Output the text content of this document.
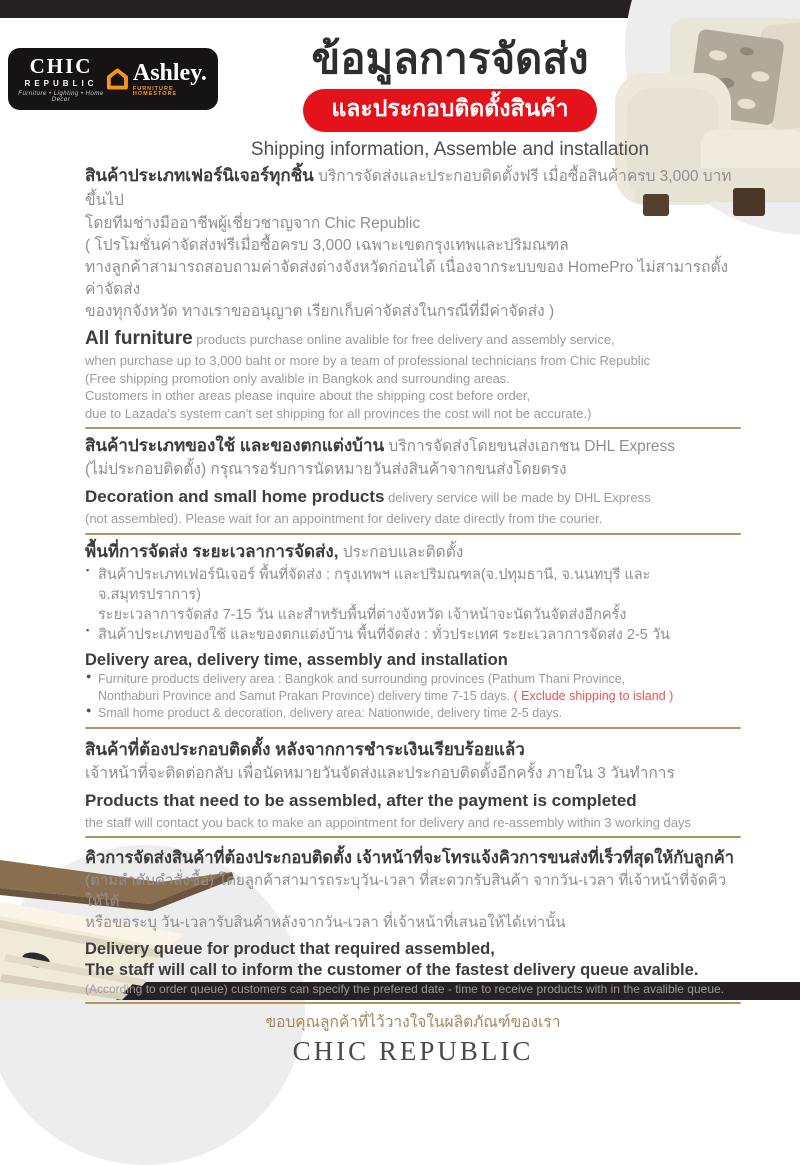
CHIC
REPUBLIC
Furniture • Lighting • Home Decor
Ashley.
FURNITURE HOMESTORE
ข้อมูลการจัดส่ง
และประกอบติดตั้งสินค้า
Shipping information, Assemble and installation
สินค้าประเภทเฟอร์นิเจอร์ทุกชิ้น บริการจัดส่งและประกอบติดตั้งฟรี เมื่อซื้อสินค้าครบ 3,000 บาทขึ้นไป
โดยทีมช่างมืออาชีพผู้เชี่ยวชาญจาก Chic Republic
( โปรโมชั่นค่าจัดส่งฟรีเมื่อซื้อครบ 3,000 เฉพาะเขตกรุงเทพและปริมณฑล
ทางลูกค้าสามารถสอบถามค่าจัดส่งต่างจังหวัดก่อนได้ เนื่องจากระบบของ HomePro ไม่สามารถตั้งค่าจัดส่ง
ของทุกจังหวัด ทางเราขออนุญาต เรียกเก็บค่าจัดส่งในกรณีที่มีค่าจัดส่ง )
All furniture products purchase online avalible for free delivery and assembly service,
when purchase up to 3,000 baht or more by a team of professional technicians from Chic Republic
(Free shipping promotion only avalible in Bangkok and surrounding areas.
Customers in other areas please inquire about the shipping cost before order,
due to Lazada's system can't set shipping for all provinces the cost will not be accurate.)
สินค้าประเภทของใช้ และของตกแต่งบ้าน บริการจัดส่งโดยขนส่งเอกชน DHL Express
(ไม่ประกอบติดตั้ง) กรุณารอรับการนัดหมายวันส่งสินค้าจากขนส่งโดยตรง
Decoration and small home products delivery service will be made by DHL Express
(not assembled). Please wait for an appointment for delivery date directly from the courier.
พื้นที่การจัดส่ง ระยะเวลาการจัดส่ง, ประกอบและติดตั้ง
▪ สินค้าประเภทเฟอร์นิเจอร์ พื้นที่จัดส่ง : กรุงเทพฯ และปริมณฑล(จ.ปทุมธานี, จ.นนทบุรี และ จ.สมุทรปราการ)
ระยะเวลาการจัดส่ง 7-15 วัน และสำหรับพื้นที่ต่างจังหวัด เจ้าหน้าจะนัดวันจัดส่งอีกครั้ง
▪ สินค้าประเภทของใช้ และของตกแต่งบ้าน พื้นที่จัดส่ง : ทั่วประเทศ ระยะเวลาการจัดส่ง 2-5 วัน
Delivery area, delivery time, assembly and installation
● Furniture products delivery area : Bangkok and surrounding provinces (Pathum Thani Province,
Nonthaburi Province and Samut Prakan Province) delivery time 7-15 days. ( Exclude shipping to island )
● Small home product & decoration, delivery area: Nationwide, delivery time 2-5 days.
สินค้าที่ต้องประกอบติดตั้ง หลังจากการชำระเงินเรียบร้อยแล้ว
เจ้าหน้าที่จะติดต่อกลับ เพื่อนัดหมายวันจัดส่งและประกอบติดตั้งอีกครั้ง ภายใน 3 วันทำการ
Products that need to be assembled, after the payment is completed
the staff will contact you back to make an appointment for delivery and re-assembly within 3 working days
คิวการจัดส่งสินค้าที่ต้องประกอบติดตั้ง เจ้าหน้าที่จะโทรแจ้งคิวการขนส่งที่เร็วที่สุดให้กับลูกค้า
(ตามลำดับคำสั่งซื้อ) โดยลูกค้าสามารถระบุวัน-เวลา ที่สะดวกรับสินค้า จากวัน-เวลา ที่เจ้าหน้าที่จัดคิวให้ได้
หรือขอระบุ วัน-เวลารับสินค้าหลังจากวัน-เวลา ที่เจ้าหน้าที่เสนอให้ได้เท่านั้น
Delivery queue for product that required assembled,
The staff will call to inform the customer of the fastest delivery queue avalible.
(According to order queue) customers can specify the prefered date - time to receive products with in the avalible queue.
ขอบคุณลูกค้าที่ไว้วางใจในผลิตภัณฑ์ของเรา
CHIC REPUBLIC
